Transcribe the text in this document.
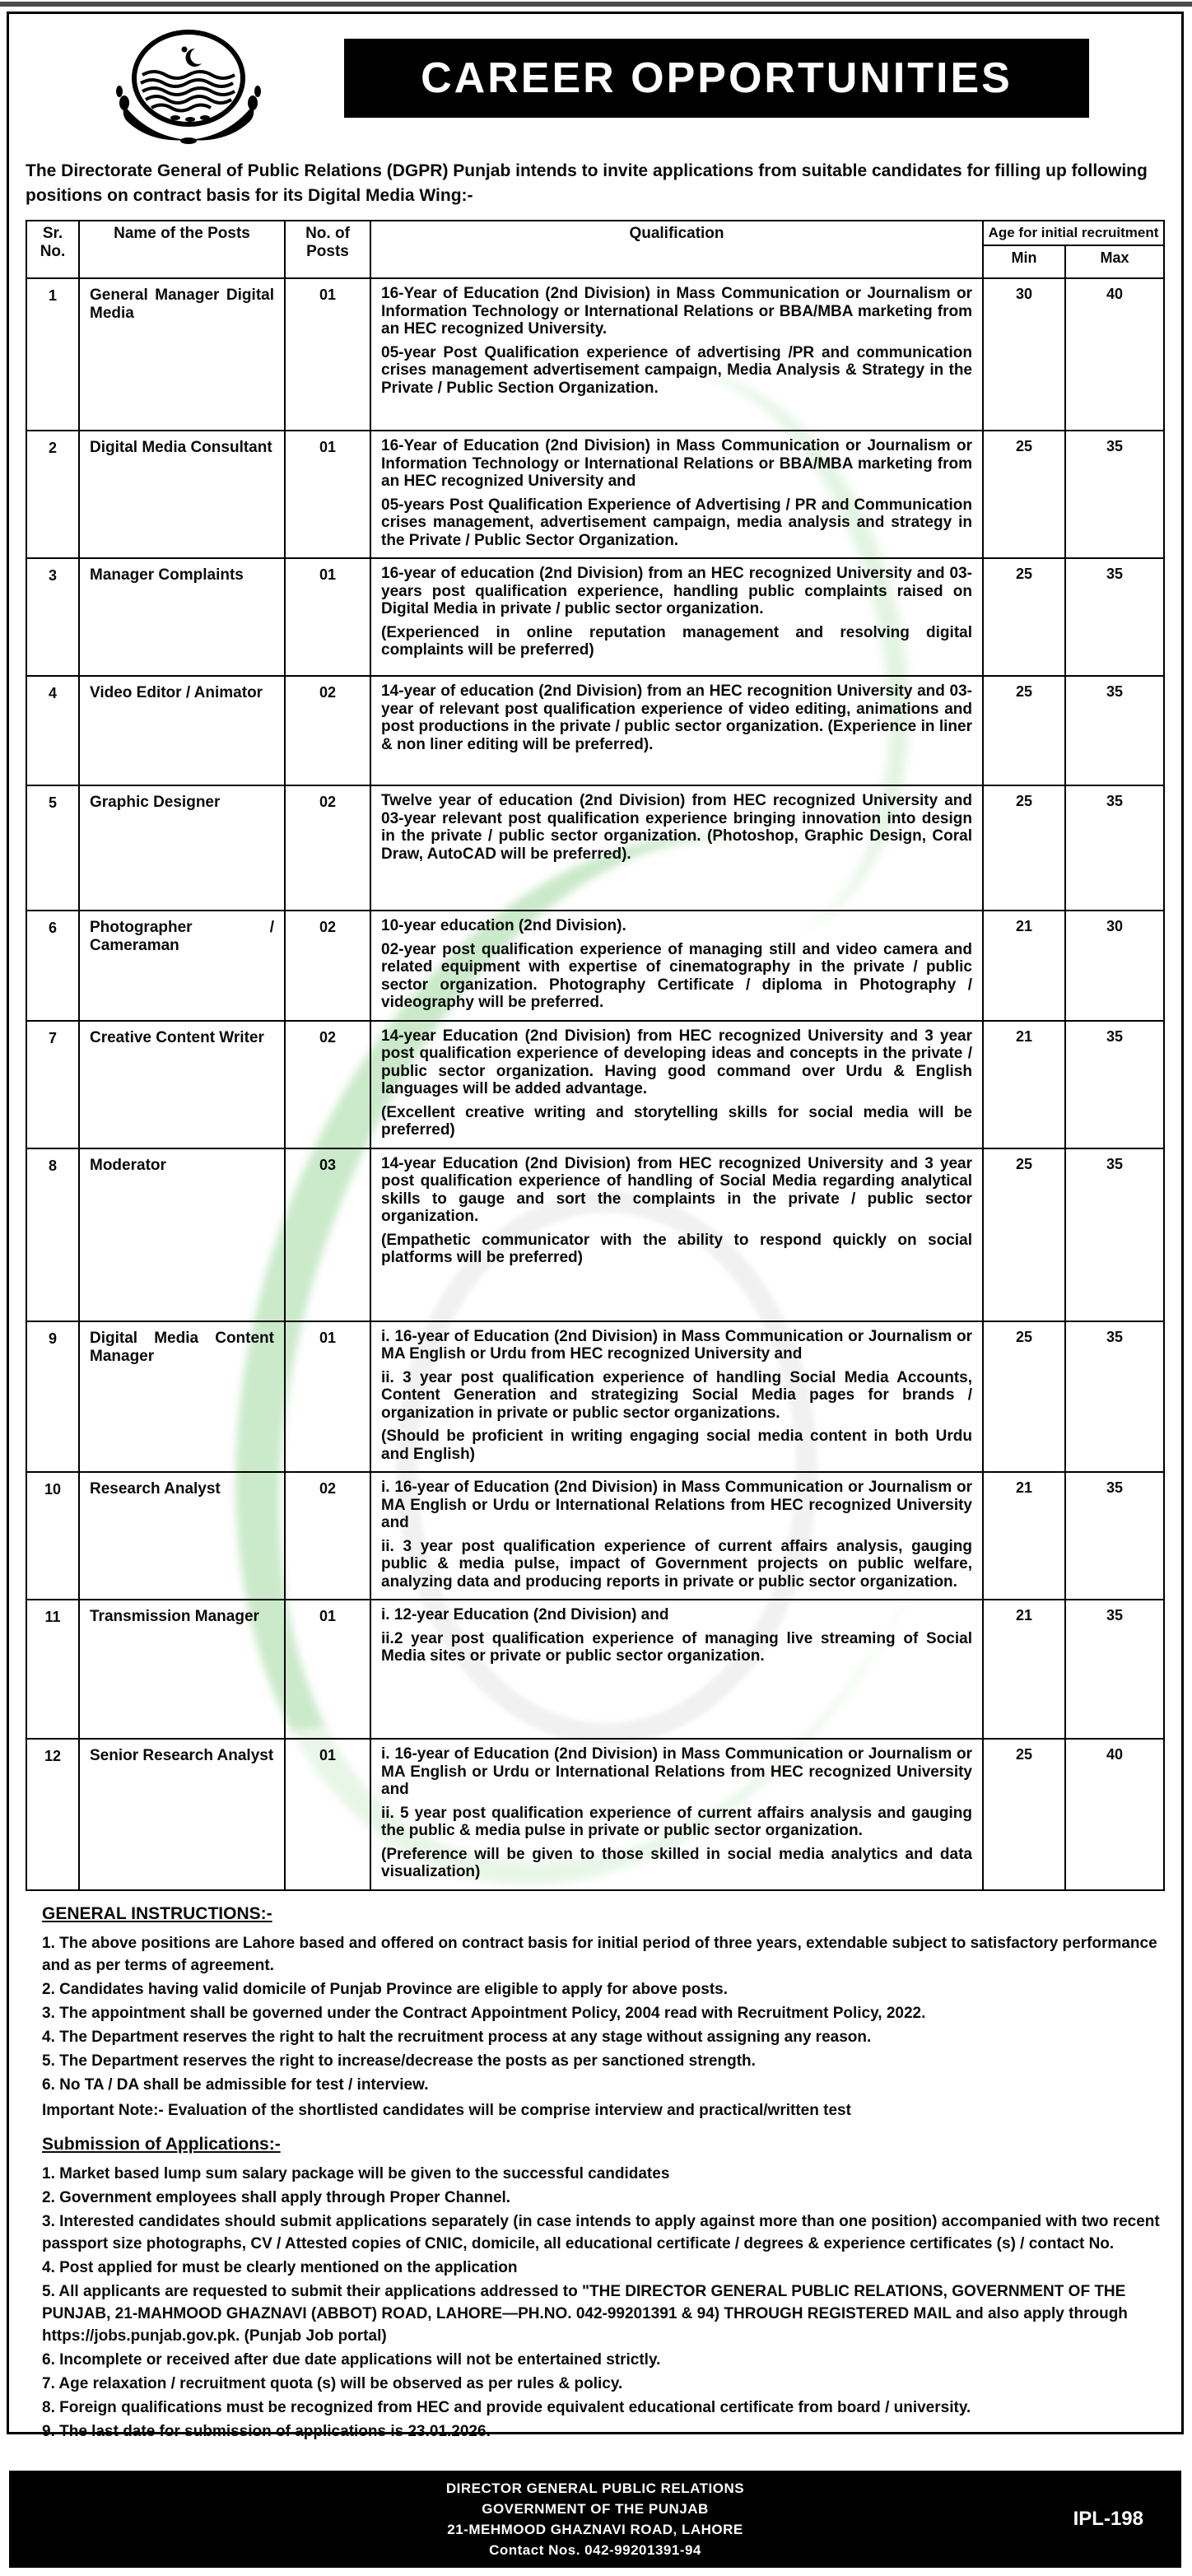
CAREER OPPORTUNITIES
The Directorate General of Public Relations (DGPR) Punjab intends to invite applications from suitable candidates for filling up following positions on contract basis for its Digital Media Wing:-
Sr. No.	Name of the Posts	No. of Posts	Qualification	Age for initial recruitment	
				Min	Max
1	General Manager Digital Media	01	16-Year of Education (2nd Division) in Mass Communication or Journalism or Information Technology or International Relations or BBA/MBA marketing from an HEC recognized University.
05-year Post Qualification experience of advertising /PR and communication crises management advertisement campaign, Media Analysis & Strategy in the Private / Public Section Organization.	30	40
2	Digital Media Consultant	01	16-Year of Education (2nd Division) in Mass Communication or Journalism or Information Technology or International Relations or BBA/MBA marketing from an HEC recognized University and
05-years Post Qualification Experience of Advertising / PR and Communication crises management, advertisement campaign, media analysis and strategy in the Private / Public Sector Organization.	25	35
3	Manager Complaints	01	16-year of education (2nd Division) from an HEC recognized University and 03-years post qualification experience, handling public complaints raised on Digital Media in private / public sector organization.
(Experienced in online reputation management and resolving digital complaints will be preferred)	25	35
4	Video Editor / Animator	02	14-year of education (2nd Division) from an HEC recognition University and 03-year of relevant post qualification experience of video editing, animations and post productions in the private / public sector organization. (Experience in liner & non liner editing will be preferred).	25	35
5	Graphic Designer	02	Twelve year of education (2nd Division) from HEC recognized University and 03-year relevant post qualification experience bringing innovation into design in the private / public sector organization. (Photoshop, Graphic Design, Coral Draw, AutoCAD will be preferred).	25	35
6	Photographer / Cameraman	02	10-year education (2nd Division).
02-year post qualification experience of managing still and video camera and related equipment with expertise of cinematography in the private / public sector organization. Photography Certificate / diploma in Photography / videography will be preferred.	21	30
7	Creative Content Writer	02	14-year Education (2nd Division) from HEC recognized University and 3 year post qualification experience of developing ideas and concepts in the private / public sector organization. Having good command over Urdu & English languages will be added advantage.
(Excellent creative writing and storytelling skills for social media will be preferred)	21	35
8	Moderator	03	14-year Education (2nd Division) from HEC recognized University and 3 year post qualification experience of handling of Social Media regarding analytical skills to gauge and sort the complaints in the private / public sector organization.
(Empathetic communicator with the ability to respond quickly on social platforms will be preferred)	25	35
9	Digital Media Content Manager	01	i. 16-year of Education (2nd Division) in Mass Communication or Journalism or MA English or Urdu from HEC recognized University and
ii. 3 year post qualification experience of handling Social Media Accounts, Content Generation and strategizing Social Media pages for brands / organization in private or public sector organizations.
(Should be proficient in writing engaging social media content in both Urdu and English)	25	35
10	Research Analyst	02	i. 16-year of Education (2nd Division) in Mass Communication or Journalism or MA English or Urdu or International Relations from HEC recognized University and
ii. 3 year post qualification experience of current affairs analysis, gauging public & media pulse, impact of Government projects on public welfare, analyzing data and producing reports in private or public sector organization.	21	35
11	Transmission Manager	01	i. 12-year Education (2nd Division) and
ii.2 year post qualification experience of managing live streaming of Social Media sites or private or public sector organization.	21	35
12	Senior Research Analyst	01	i. 16-year of Education (2nd Division) in Mass Communication or Journalism or MA English or Urdu or International Relations from HEC recognized University and
ii. 5 year post qualification experience of current affairs analysis and gauging the public & media pulse in private or public sector organization.
(Preference will be given to those skilled in social media analytics and data visualization)	25	40
GENERAL INSTRUCTIONS:-
1. The above positions are Lahore based and offered on contract basis for initial period of three years, extendable subject to satisfactory performance and as per terms of agreement.
2. Candidates having valid domicile of Punjab Province are eligible to apply for above posts.
3. The appointment shall be governed under the Contract Appointment Policy, 2004 read with Recruitment Policy, 2022.
4. The Department reserves the right to halt the recruitment process at any stage without assigning any reason.
5. The Department reserves the right to increase/decrease the posts as per sanctioned strength.
6. No TA / DA shall be admissible for test / interview.
Important Note:- Evaluation of the shortlisted candidates will be comprise interview and practical/written test
Submission of Applications:-
1. Market based lump sum salary package will be given to the successful candidates
2. Government employees shall apply through Proper Channel.
3. Interested candidates should submit applications separately (in case intends to apply against more than one position) accompanied with two recent passport size photographs, CV / Attested copies of CNIC, domicile, all educational certificate / degrees & experience certificates (s) / contact No.
4. Post applied for must be clearly mentioned on the application
5. All applicants are requested to submit their applications addressed to "THE DIRECTOR GENERAL PUBLIC RELATIONS, GOVERNMENT OF THE PUNJAB, 21-MAHMOOD GHAZNAVI (ABBOT) ROAD, LAHORE—PH.NO. 042-99201391 & 94) THROUGH REGISTERED MAIL and also apply through https://jobs.punjab.gov.pk. (Punjab Job portal)
6. Incomplete or received after due date applications will not be entertained strictly.
7. Age relaxation / recruitment quota (s) will be observed as per rules & policy.
8. Foreign qualifications must be recognized from HEC and provide equivalent educational certificate from board / university.
9. The last date for submission of applications is 23.01.2026.
DIRECTOR GENERAL PUBLIC RELATIONS
GOVERNMENT OF THE PUNJAB
21-MEHMOOD GHAZNAVI ROAD, LAHORE
Contact Nos. 042-99201391-94
IPL-198
